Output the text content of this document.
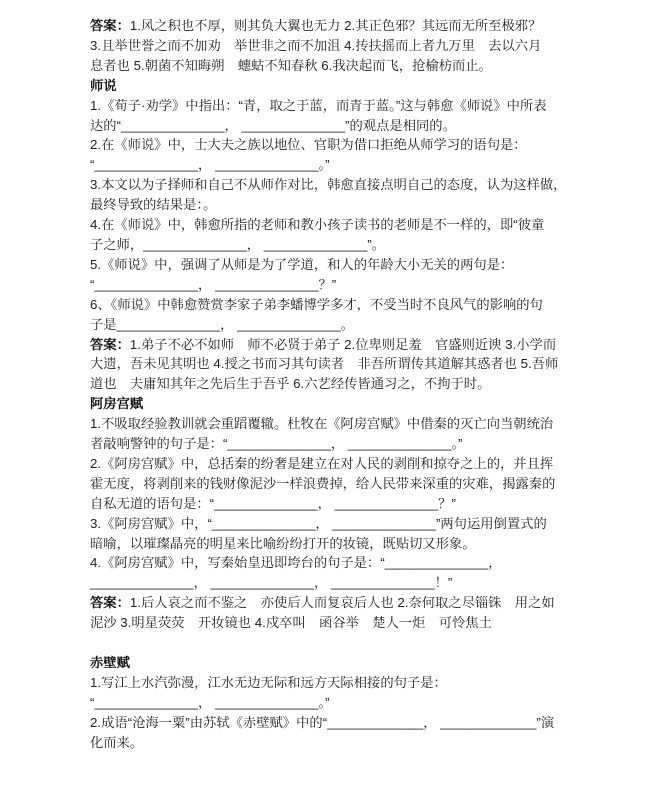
答案：1.风之积也不厚，则其负大翼也无力 2.其正色邪？其远而无所至极邪？
3.且举世誉之而不加劝　举世非之而不加沮 4.抟扶摇而上者九万里　去以六月
息者也 5.朝菌不知晦朔　蟪蛄不知春秋 6.我决起而飞，抢榆枋而止。
师说
1.《荀子·劝学》中指出：“青，取之于蓝，而青于蓝。”这与韩愈《师说》中所表
达的“______________， ______________”的观点是相同的。
2.在《师说》中，士大夫之族以地位、官职为借口拒绝从师学习的语句是：
“______________， ______________。”
3.本文以为子择师和自己不从师作对比，韩愈直接点明自己的态度，认为这样做，
最终导致的结果是：。
4.在《师说》中，韩愈所指的老师和教小孩子读书的老师是不一样的，即“彼童
子之师，______________， ______________”。
5.《师说》中，强调了从师是为了学道，和人的年龄大小无关的两句是：
“______________， ______________？”
6、《师说》中韩愈赞赏李家子弟李蟠博学多才，不受当时不良风气的影响的句
子是______________， ______________。
答案：1.弟子不必不如师　师不必贤于弟子 2.位卑则足羞　官盛则近谀 3.小学而
大遗，吾未见其明也 4.授之书而习其句读者　非吾所谓传其道解其惑者也 5.吾师
道也　夫庸知其年之先后生于吾乎 6.六艺经传皆通习之，不拘于时。
阿房宫赋
1.不吸取经验教训就会重蹈覆辙。杜牧在《阿房宫赋》中借秦的灭亡向当朝统治
者敲响警钟的句子是：“______________， ______________。”
2.《阿房宫赋》中，总括秦的纷奢是建立在对人民的剥削和掠夺之上的，并且挥
霍无度，将剥削来的钱财像泥沙一样浪费掉，给人民带来深重的灾难，揭露秦的
自私无道的语句是：“______________， ______________？”
3.《阿房宫赋》中，“______________， ______________”两句运用倒置式的
暗喻，以璀璨晶亮的明星来比喻纷纷打开的妆镜，既贴切又形象。
4.《阿房宫赋》中，写秦始皇迅即垮台的句子是：“______________，
______________， ______________， ______________！”
答案：1.后人哀之而不鉴之　亦使后人而复哀后人也 2.奈何取之尽锱铢　用之如
泥沙 3.明星荧荧　开妆镜也 4.戍卒叫　函谷举　楚人一炬　可怜焦土

赤壁赋
1.写江上水汽弥漫，江水无边无际和远方天际相接的句子是：
“______________， ______________。”
2.成语“沧海一粟”由苏轼《赤壁赋》中的“_____________， _____________”演
化而来。
